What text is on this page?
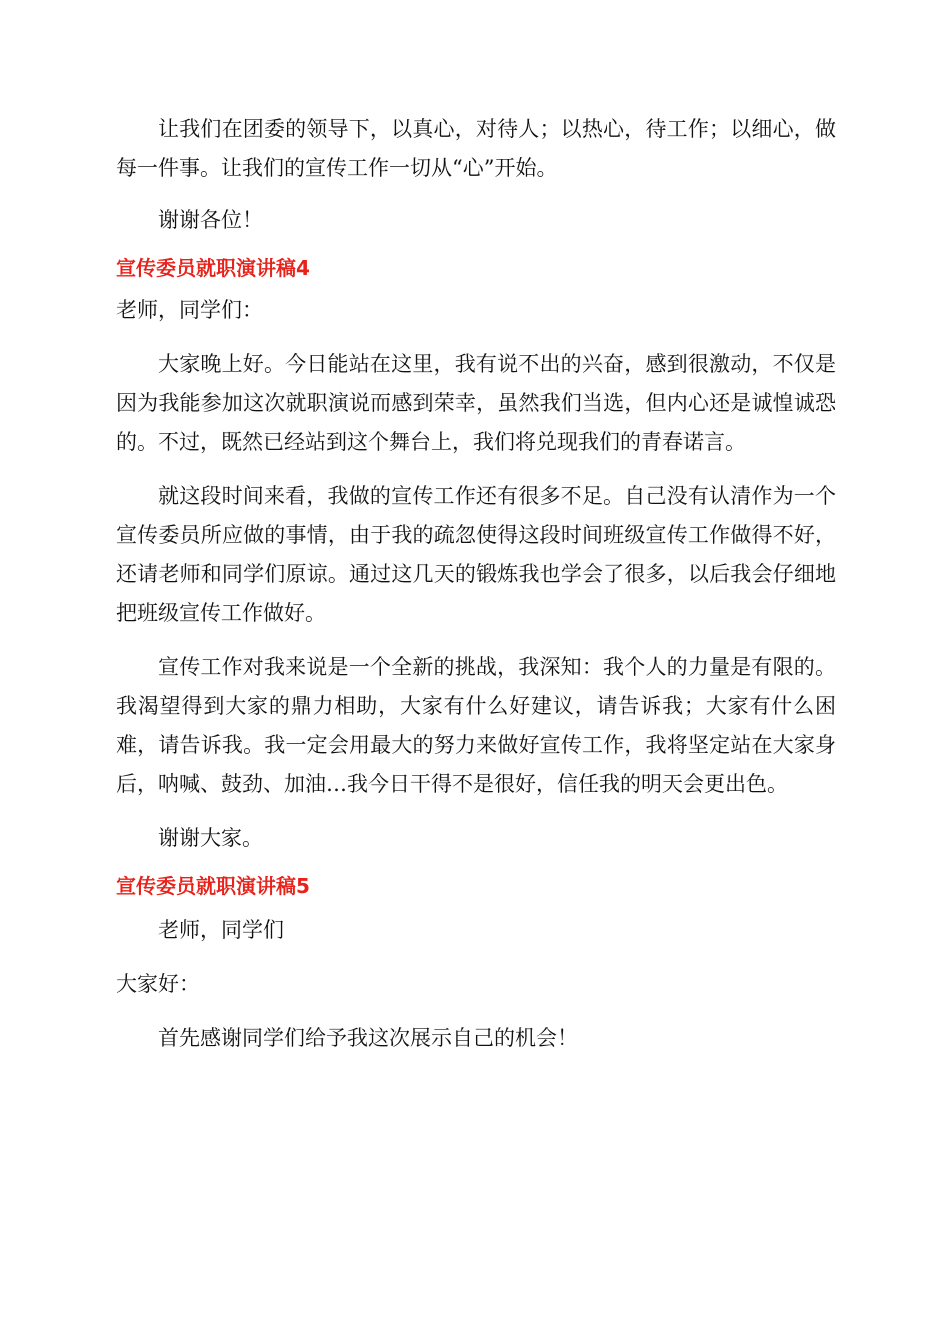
让我们在团委的领导下，以真心，对待人；以热心，待工作；以细心，做每一件事。让我们的宣传工作一切从“心”开始。

谢谢各位！

宣传委员就职演讲稿4

老师，同学们：

大家晚上好。今日能站在这里，我有说不出的兴奋，感到很激动，不仅是因为我能参加这次就职演说而感到荣幸，虽然我们当选，但内心还是诚惶诚恐的。不过，既然已经站到这个舞台上，我们将兑现我们的青春诺言。

就这段时间来看，我做的宣传工作还有很多不足。自己没有认清作为一个宣传委员所应做的事情，由于我的疏忽使得这段时间班级宣传工作做得不好，还请老师和同学们原谅。通过这几天的锻炼我也学会了很多，以后我会仔细地把班级宣传工作做好。

宣传工作对我来说是一个全新的挑战，我深知：我个人的力量是有限的。我渴望得到大家的鼎力相助，大家有什么好建议，请告诉我；大家有什么困难，请告诉我。我一定会用最大的努力来做好宣传工作，我将坚定站在大家身后，呐喊、鼓劲、加油…我今日干得不是很好，信任我的明天会更出色。

谢谢大家。

宣传委员就职演讲稿5

老师，同学们

大家好：

首先感谢同学们给予我这次展示自己的机会！
